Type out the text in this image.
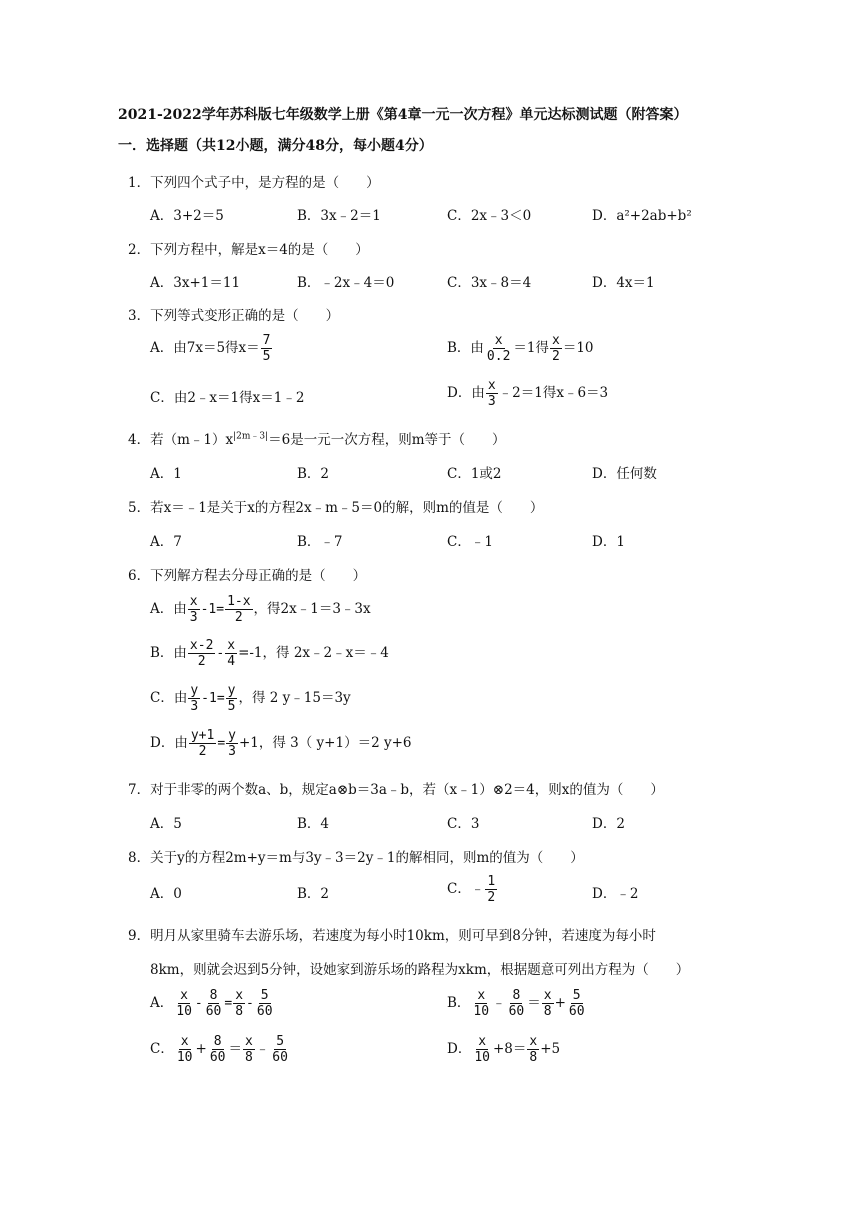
2021-2022学年苏科版七年级数学上册《第4章一元一次方程》单元达标测试题（附答案）
一．选择题（共12小题，满分48分，每小题4分）
1．下列四个式子中，是方程的是（　　）
A．3+2＝5	B．3x﹣2＝1	C．2x﹣3＜0	D．a²+2ab+b²
2．下列方程中，解是x＝4的是（　　）
A．3x+1＝11	B．﹣2x﹣4＝0	C．3x﹣8＝4	D．4x＝1
3．下列等式变形正确的是（　　）
A．由7x＝5得$x= \frac{7}{5}$	B．由 $\frac{x}{0.2} =1$得 $\frac{x}{2} =10$
C．由2﹣x＝1得x＝1﹣2	D．由 $\frac{x}{3}$ ﹣2＝1得x﹣6＝3
4．若$(m﹣1)x^{|2m﹣3|}=6$是一元一次方程，则m等于（　　）
A．1	B．2	C．1或2	D．任何数
5．若x＝﹣1是关于x的方程2x﹣m﹣5＝0的解，则m的值是（　　）
A．7	B．﹣7	C．﹣1	D．1
6．下列解方程去分母正确的是（　　）
A．由 $\frac{x}{3} -1= \frac{1-x}{2}$ ，得2x﹣1＝3﹣3x
B．由 $\frac{x-2}{2} - \frac{x}{4} =-1$，得 2x﹣2﹣x＝﹣4
C．由 $\frac{y}{3} -1= \frac{y}{5}$ ，得 2 y﹣15＝3y
D．由 $\frac{y+1}{2} = \frac{y}{3} +1$，得 3（ y+1）＝2 y+6
7．对于非零的两个数a、b，规定a⊗b＝3a﹣b，若（x﹣1）⊗2＝4，则x的值为（　　）
A．5	B．4	C．3	D．2
8．关于y的方程2m+y＝m与3y﹣3＝2y﹣1的解相同，则m的值为（　　）
A．0	B．2	C．﹣ $\frac{1}{2}$	D．﹣2
9．明月从家里骑车去游乐场，若速度为每小时10km，则可早到8分钟，若速度为每小时
8km，则就会迟到5分钟，设她家到游乐场的路程为xkm，根据题意可列出方程为（　　）
A． $\frac{x}{10} - \frac{8}{60} = \frac{x}{8} - \frac{5}{60}$	B． $\frac{x}{10}$ ﹣ $\frac{8}{60} = \frac{x}{8} + \frac{5}{60}$
C． $\frac{x}{10} + \frac{8}{60} = \frac{x}{8}$ ﹣ $\frac{5}{60}$	D． $\frac{x}{10} +8= \frac{x}{8} +5$
